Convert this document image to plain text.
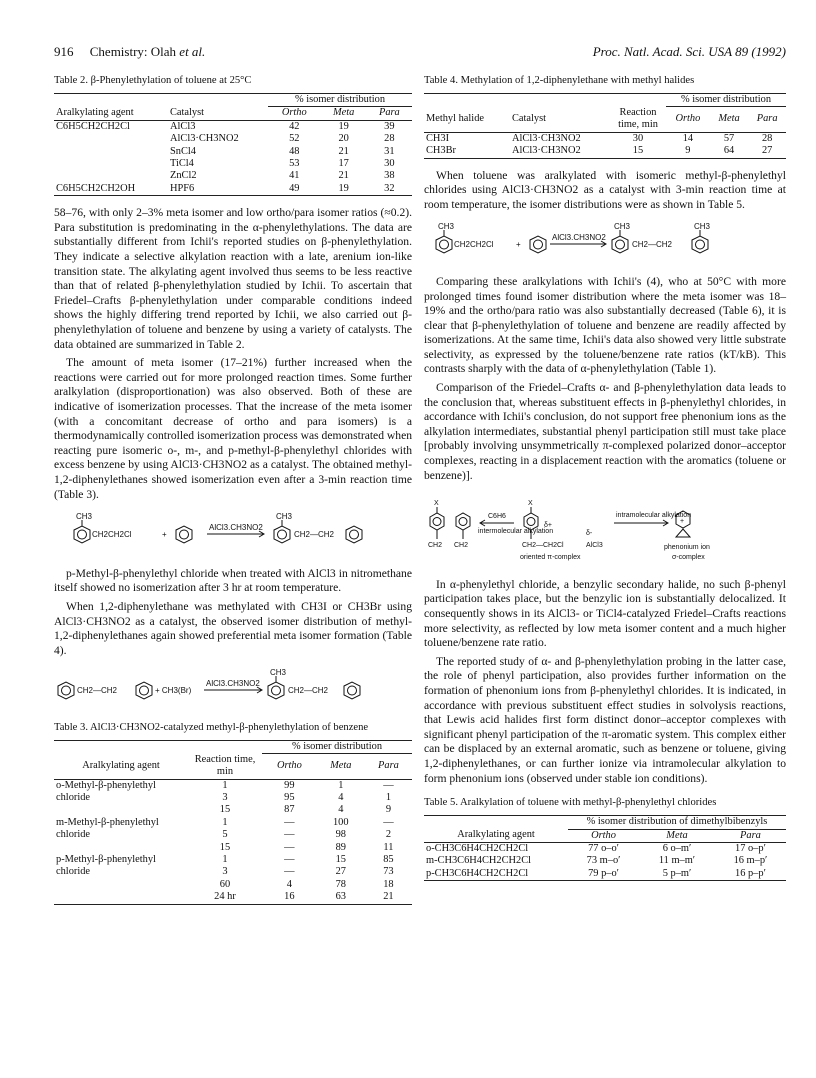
916 Chemistry: Olah et al.	Proc. Natl. Acad. Sci. USA 89 (1992)
Table 2. β-Phenylethylation of toluene at 25°C
		% isomer distribution		
Aralkylating agent	Catalyst	Ortho	Meta	Para
C6H5CH2CH2Cl	AlCl3	42	19	39
	AlCl3·CH3NO2	52	20	28
	SnCl4	48	21	31
	TiCl4	53	17	30
	ZnCl2	41	21	38
C6H5CH2CH2OH	HPF6	49	19	32

58–76, with only 2–3% meta isomer and low ortho/para isomer ratios (≈0.2). Para substitution is predominating in the α-phenylethylations. The data are substantially different from Ichii's reported studies on β-phenylethylation. They indicate a selective alkylation reaction with a late, arenium ion-like transition state. The alkylating agent involved thus seems to be less reactive than that of related β-phenylethylation studied by Ichii. To ascertain that Friedel–Crafts β-phenylethylation under comparable conditions indeed shows the highly differing trend reported by Ichii, we also carried out β-phenylethylation of toluene and benzene by using a variety of catalysts. The data obtained are summarized in Table 2.

The amount of meta isomer (17–21%) further increased when the reactions were carried out for more prolonged reaction times. Some further aralkylation (disproportionation) was also observed. Both of these are indicative of isomerization processes. That the increase of the meta isomer (with a concomitant decrease of ortho and para isomers) is a thermodynamically controlled isomerization process was demonstrated when reacting pure isomeric o-, m-, and p-methyl-β-phenylethyl chlorides with excess benzene by using AlCl3·CH3NO2 as a catalyst. The obtained methyl-1,2-diphenylethanes showed isomerization even after a 3-min reaction time (Table 3).

CH3
CH2CH2Cl	+
AlCl3.CH3NO2
CH3
CH2—CH2

p-Methyl-β-phenylethyl chloride when treated with AlCl3 in nitromethane itself showed no isomerization after 3 hr at room temperature.

When 1,2-diphenylethane was methylated with CH3I or CH3Br using AlCl3·CH3NO2 as a catalyst, the observed isomer distribution of methyl-1,2-diphenylethanes again showed preferential meta isomer formation (Table 4).

CH2—CH2	+ CH3(Br)
AlCl3.CH3NO2
CH3
CH2—CH2
Table 3. AlCl3·CH3NO2-catalyzed methyl-β-phenylethylation of benzene
		% isomer distribution		
Aralkylating agent	Reaction time, min	Ortho	Meta	Para
o-Methyl-β-phenylethyl	1	99	1	—
chloride	3	95	4	1
	15	87	4	9
m-Methyl-β-phenylethyl	1	—	100	—
chloride	5	—	98	2
	15	—	89	11
p-Methyl-β-phenylethyl	1	—	15	85
chloride	3	—	27	73
	60	4	78	18
	24 hr	16	63	21
Table 4. Methylation of 1,2-diphenylethane with methyl halides
			% isomer distribution		
Methyl halide	Catalyst	Reaction time, min	Ortho	Meta	Para
CH3I	AlCl3·CH3NO2	30	14	57	28
CH3Br	AlCl3·CH3NO2	15	9	64	27

When toluene was aralkylated with isomeric methyl-β-phenylethyl chlorides using AlCl3·CH3NO2 as a catalyst with 3-min reaction time at room temperature, the isomer distributions were as shown in Table 5.

CH3
CH2CH2Cl	+
AlCl3.CH3NO2
CH3
CH2—CH2
CH3

Comparing these aralkylations with Ichii's (4), who at 50°C with more prolonged times found isomer distribution where the meta isomer was 18–19% and the ortho/para ratio was also substantially decreased (Table 6), it is clear that β-phenylethylation of toluene and benzene are readily affected by isomerizations. At the same time, Ichii's data also showed very little substrate selectivity, as expressed by the toluene/benzene rate ratios (kT/kB). This contrasts sharply with the data of α-phenylethylation (Table 1).

Comparison of the Friedel–Crafts α- and β-phenylethylation data leads to the conclusion that, whereas substituent effects in β-phenylethyl chlorides, in accordance with Ichii's conclusion, do not support free phenonium ions as the alkylation intermediates, substantial phenyl participation still must take place [probably involving unsymmetrically π-complexed polarized donor–acceptor complexes, reacting in a displacement reaction with the aromatics (toluene or benzene)].

X	X
C6H6
intermolecular alkylation
CH2 CH2	CH2—CH2Cl
δ+
δ-
AlCl3
oriented π-complex
intramolecular alkylation
+
phenonium ion
σ-complex

In α-phenylethyl chloride, a benzylic secondary halide, no such β-phenyl participation takes place, but the benzylic ion is substantially delocalized. It consequently shows in its AlCl3- or TiCl4-catalyzed Friedel–Crafts reactions more selectivity, as reflected by low meta isomer content and a much higher toluene/benzene rate ratio.

The reported study of α- and β-phenylethylation probing in the latter case, the role of phenyl participation, also provides further information on the formation of phenonium ions from β-phenylethyl chlorides. It is indicated, in accordance with previous substituent effect studies in solvolysis reactions, that Lewis acid halides first form distinct donor–acceptor complexes with significant phenyl participation of the π-aromatic system. This complex either can be displaced by an external aromatic, such as benzene or toluene, giving 1,2-diphenylethanes, or can further ionize via intramolecular alkylation to form phenonium ions (observed under stable ion conditions).

Table 5. Aralkylation of toluene with methyl-β-phenylethyl chlorides
	% isomer distribution of dimethylbibenzyls		
Aralkylating agent	Ortho	Meta	Para
o-CH3C6H4CH2CH2Cl	77 o–o′	6 o–m′	17 o–p′
m-CH3C6H4CH2CH2Cl	73 m–o′	11 m–m′	16 m–p′
p-CH3C6H4CH2CH2Cl	79 p–o′	5 p–m′	16 p–p′
